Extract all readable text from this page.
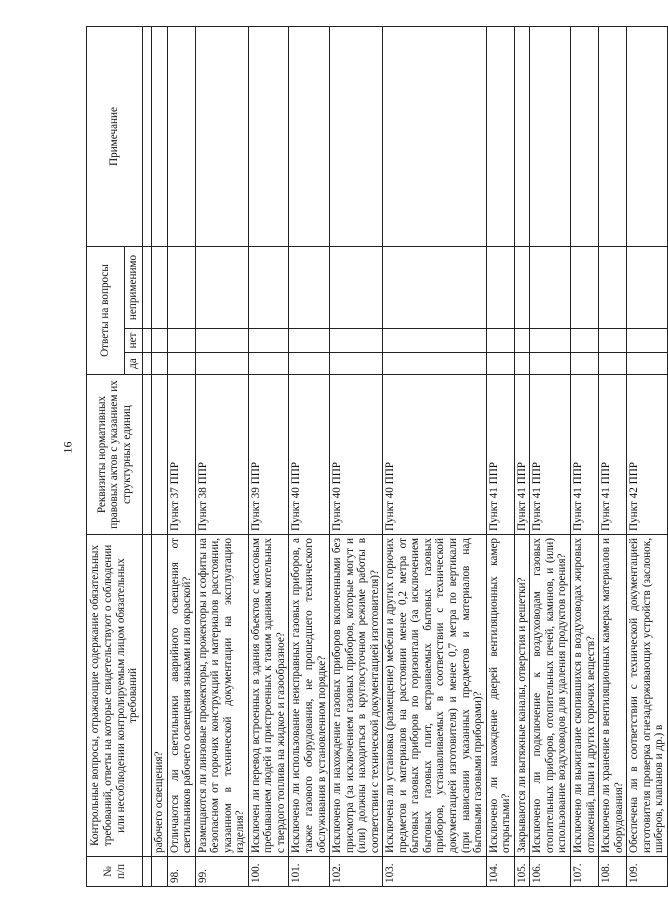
16
№
п/п	Контрольные вопросы, отражающие содержание обязательных требований, ответы на которые свидетельствуют о соблюдении или несоблюдении контролируемым лицом обязательных требований	Реквизиты нормативных правовых актов с указанием их структурных единиц	Ответы на вопросы			Примечание
			да	нет	неприменимо	

	рабочего освещения?					
98.	Отличаются ли светильники аварийного освещения от светильников рабочего освещения знаками или окраской?	Пункт 37 ППР				
99.	Размещаются ли линзовые прожекторы, прожекторы и софиты на безопасном от горючих конструкций и материалов расстоянии, указанном в технической документации на эксплуатацию изделия?	Пункт 38 ППР				
100.	Исключен ли перевод встроенных в здания объектов с массовым пребыванием людей и пристроенных к таким зданиям котельных с твердого топлива на жидкое и газообразное?	Пункт 39 ППР				
101.	Исключено ли использование неисправных газовых приборов, а также газового оборудования, не прошедшего технического обслуживания в установленном порядке?	Пункт 40 ППР				
102.	Исключено ли нахождение газовых приборов включенными без присмотра (за исключением газовых приборов, которые могут и (или) должны находиться в круглосуточном режиме работы в соответствии с технической документацией изготовителя)?	Пункт 40 ППР				
103.	Исключена ли установка (размещение) мебели и других горючих предметов и материалов на расстоянии менее 0,2 метра от бытовых газовых приборов по горизонтали (за исключением бытовых газовых плит, встраиваемых бытовых газовых приборов, устанавливаемых в соответствии с технической документацией изготовителя) и менее 0,7 метра по вертикали (при нависании указанных предметов и материалов над бытовыми газовыми приборами)?	Пункт 40 ППР				
104.	Исключено ли нахождение дверей вентиляционных камер открытыми?	Пункт 41 ППР				
105.	Закрываются ли вытяжные каналы, отверстия и решетки?	Пункт 41 ППР				
106.	Исключено ли подключение к воздуховодам газовых отопительных приборов, отопительных печей, каминов, и (или) использование воздуховодов для удаления продуктов горения?	Пункт 41 ППР				
107.	Исключено ли выжигание скопившихся в воздуховодах жировых отложений, пыли и других горючих веществ?	Пункт 41 ППР				
108.	Исключено ли хранение в вентиляционных камерах материалов и оборудования?	Пункт 41 ППР				
109.	Обеспечена ли в соответствии с технической документацией изготовителя проверка огнезадерживающих устройств (заслонок, шиберов, клапанов и др.) в	Пункт 42 ППР				
